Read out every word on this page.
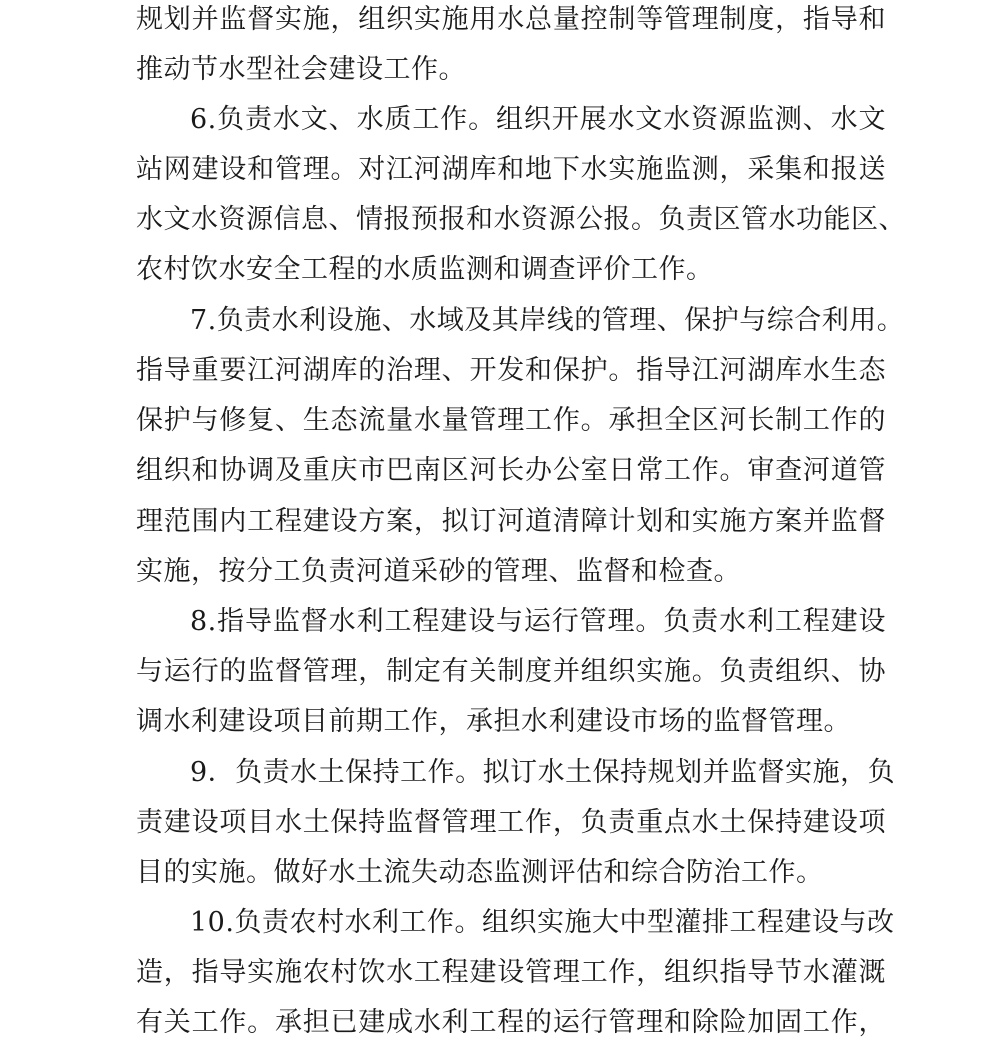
规划并监督实施，组织实施用水总量控制等管理制度，指导和
推动节水型社会建设工作。
6.负责水文、水质工作。组织开展水文水资源监测、水文
站网建设和管理。对江河湖库和地下水实施监测，采集和报送
水文水资源信息、情报预报和水资源公报。负责区管水功能区、
农村饮水安全工程的水质监测和调查评价工作。
7.负责水利设施、水域及其岸线的管理、保护与综合利用。
指导重要江河湖库的治理、开发和保护。指导江河湖库水生态
保护与修复、生态流量水量管理工作。承担全区河长制工作的
组织和协调及重庆市巴南区河长办公室日常工作。审查河道管
理范围内工程建设方案，拟订河道清障计划和实施方案并监督
实施，按分工负责河道采砂的管理、监督和检查。
8.指导监督水利工程建设与运行管理。负责水利工程建设
与运行的监督管理，制定有关制度并组织实施。负责组织、协
调水利建设项目前期工作，承担水利建设市场的监督管理。
9．负责水土保持工作。拟订水土保持规划并监督实施，负
责建设项目水土保持监督管理工作，负责重点水土保持建设项
目的实施。做好水土流失动态监测评估和综合防治工作。
10.负责农村水利工作。组织实施大中型灌排工程建设与改
造，指导实施农村饮水工程建设管理工作，组织指导节水灌溉
有关工作。承担已建成水利工程的运行管理和除险加固工作，
